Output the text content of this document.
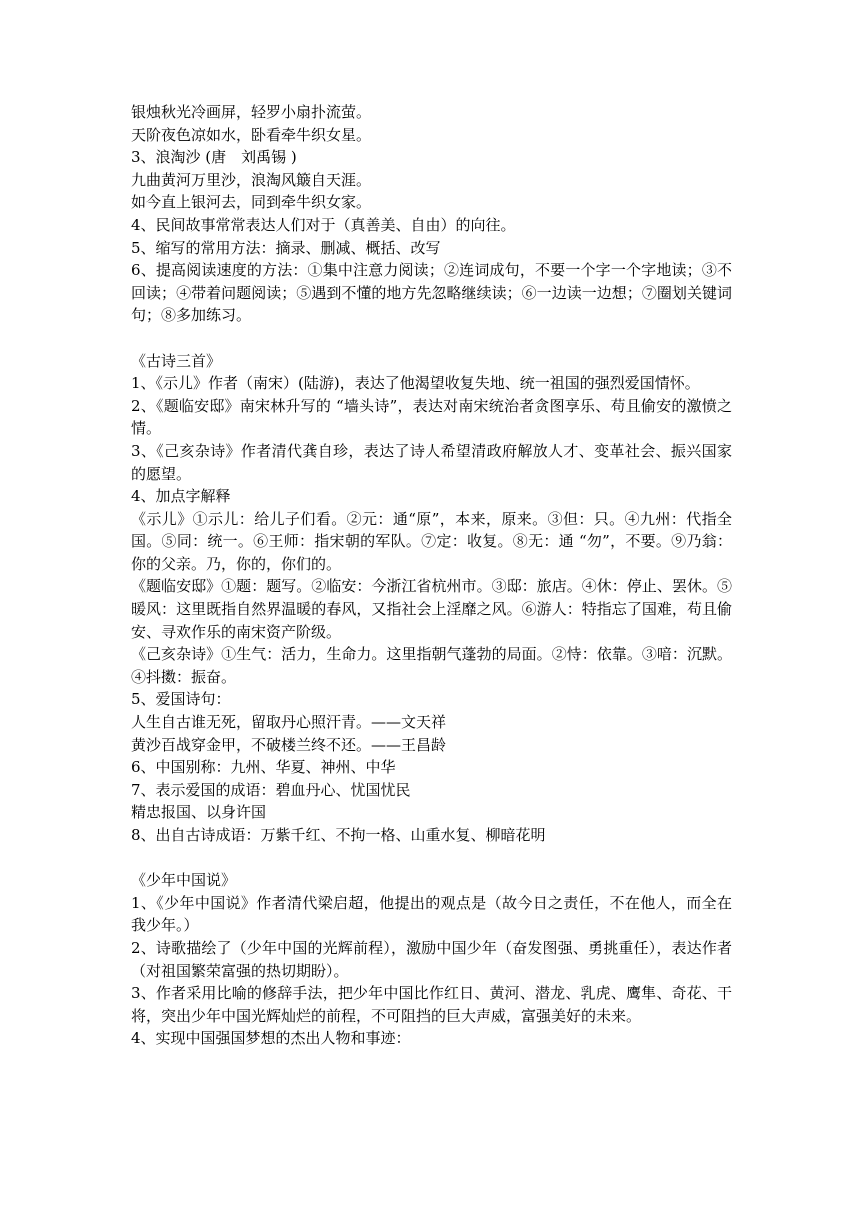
银烛秋光冷画屏，轻罗小扇扑流萤。
天阶夜色凉如水，卧看牵牛织女星。
3、浪淘沙 (唐　刘禹锡 )
九曲黄河万里沙，浪淘风簸自天涯。
如今直上银河去，同到牵牛织女家。
4、民间故事常常表达人们对于（真善美、自由）的向往。
5、缩写的常用方法：摘录、删减、概括、改写
6、提高阅读速度的方法：①集中注意力阅读；②连词成句，不要一个字一个字地读；③不回读；④带着问题阅读；⑤遇到不懂的地方先忽略继续读；⑥一边读一边想；⑦圈划关键词句；⑧多加练习。
《古诗三首》
1、《示儿》作者（南宋）(陆游)，表达了他渴望收复失地、统一祖国的强烈爱国情怀。
2、《题临安邸》南宋林升写的 “墙头诗”，表达对南宋统治者贪图享乐、苟且偷安的激愤之情。
3、《己亥杂诗》作者清代龚自珍，表达了诗人希望清政府解放人才、变革社会、振兴国家的愿望。
4、加点字解释
《示儿》①示儿：给儿子们看。②元：通“原”，本来，原来。③但：只。④九州：代指全国。⑤同：统一。⑥王师：指宋朝的军队。⑦定：收复。⑧无：通 “勿”，不要。⑨乃翁：你的父亲。乃，你的，你们的。
《题临安邸》①题：题写。②临安：今浙江省杭州市。③邸：旅店。④休：停止、罢休。⑤暖风：这里既指自然界温暖的春风，又指社会上淫靡之风。⑥游人：特指忘了国难，苟且偷安、寻欢作乐的南宋资产阶级。
《己亥杂诗》①生气：活力，生命力。这里指朝气蓬勃的局面。②恃：依靠。③喑：沉默。④抖擞：振奋。
5、爱国诗句：
人生自古谁无死，留取丹心照汗青。——文天祥
黄沙百战穿金甲，不破楼兰终不还。——王昌龄
6、中国别称：九州、华夏、神州、中华
7、表示爱国的成语：碧血丹心、忧国忧民
精忠报国、以身许国
8、出自古诗成语：万紫千红、不拘一格、山重水复、柳暗花明
《少年中国说》
1、《少年中国说》作者清代梁启超，他提出的观点是（故今日之责任，不在他人，而全在我少年。）
2、诗歌描绘了（少年中国的光辉前程），激励中国少年（奋发图强、勇挑重任），表达作者（对祖国繁荣富强的热切期盼）。
3、作者采用比喻的修辞手法，把少年中国比作红日、黄河、潜龙、乳虎、鹰隼、奇花、干将，突出少年中国光辉灿烂的前程，不可阻挡的巨大声威，富强美好的未来。
4、实现中国强国梦想的杰出人物和事迹：
